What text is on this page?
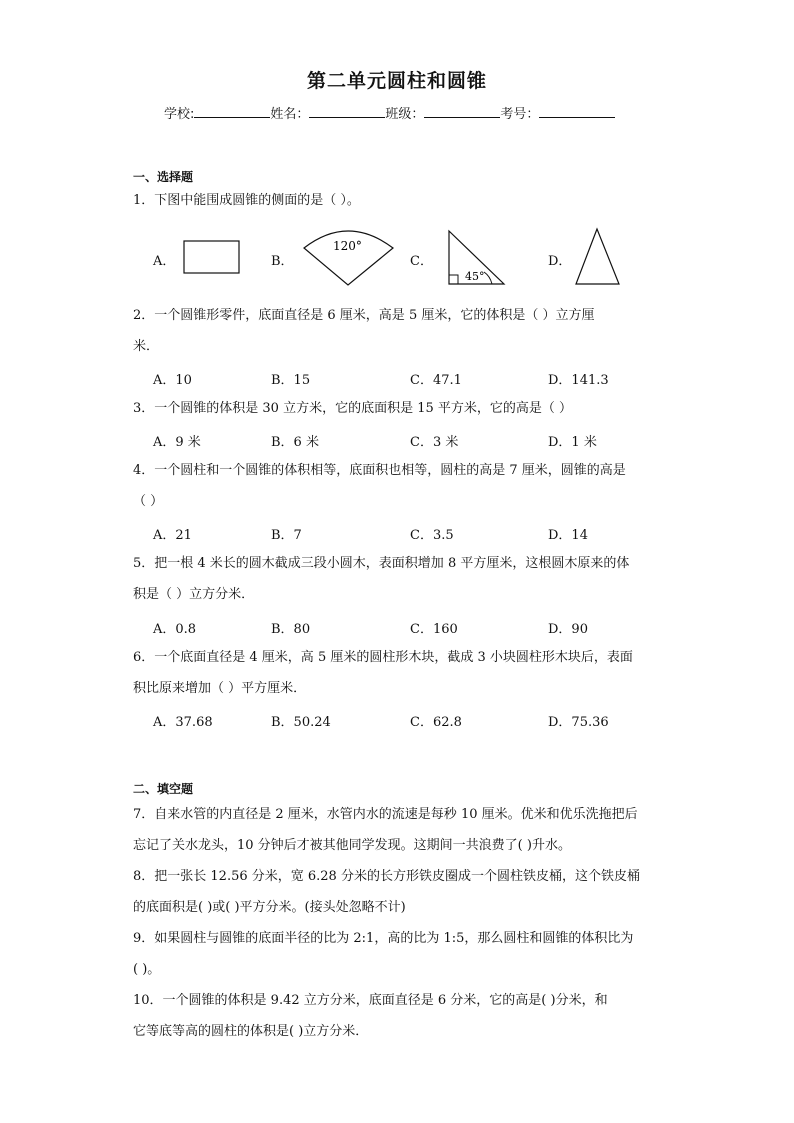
第二单元圆柱和圆锥
学校:	姓名：	班级：	考号：
一、选择题
1．下图中能围成圆锥的侧面的是（ ）。
A．	B．	C．	D．
120°
45°
2．一个圆锥形零件，底面直径是 6 厘米，高是 5 厘米，它的体积是（ ）立方厘
米．
A．10	B．15	C．47.1	D．141.3
3．一个圆锥的体积是 30 立方米，它的底面积是 15 平方米，它的高是（ ）
A．9 米	B．6 米	C．3 米	D．1 米
4．一个圆柱和一个圆锥的体积相等，底面积也相等，圆柱的高是 7 厘米，圆锥的高是
（ ）
A．21	B．7	C．3.5	D．14
5．把一根 4 米长的圆木截成三段小圆木，表面积增加 8 平方厘米，这根圆木原来的体
积是（ ）立方分米．
A．0.8	B．80	C．160	D．90
6．一个底面直径是 4 厘米，高 5 厘米的圆柱形木块，截成 3 小块圆柱形木块后，表面
积比原来增加（ ）平方厘米．
A．37.68	B．50.24	C．62.8	D．75.36
二、填空题
7．自来水管的内直径是 2 厘米，水管内水的流速是每秒 10 厘米。优米和优乐洗拖把后
忘记了关水龙头，10 分钟后才被其他同学发现。这期间一共浪费了( )升水。
8．把一张长 12.56 分米，宽 6.28 分米的长方形铁皮圈成一个圆柱铁皮桶，这个铁皮桶
的底面积是( )或( )平方分米。(接头处忽略不计)
9．如果圆柱与圆锥的底面半径的比为 2:1，高的比为 1:5，那么圆柱和圆锥的体积比为
( )。
10．一个圆锥的体积是 9.42 立方分米，底面直径是 6 分米，它的高是( )分米，和
它等底等高的圆柱的体积是( )立方分米．
